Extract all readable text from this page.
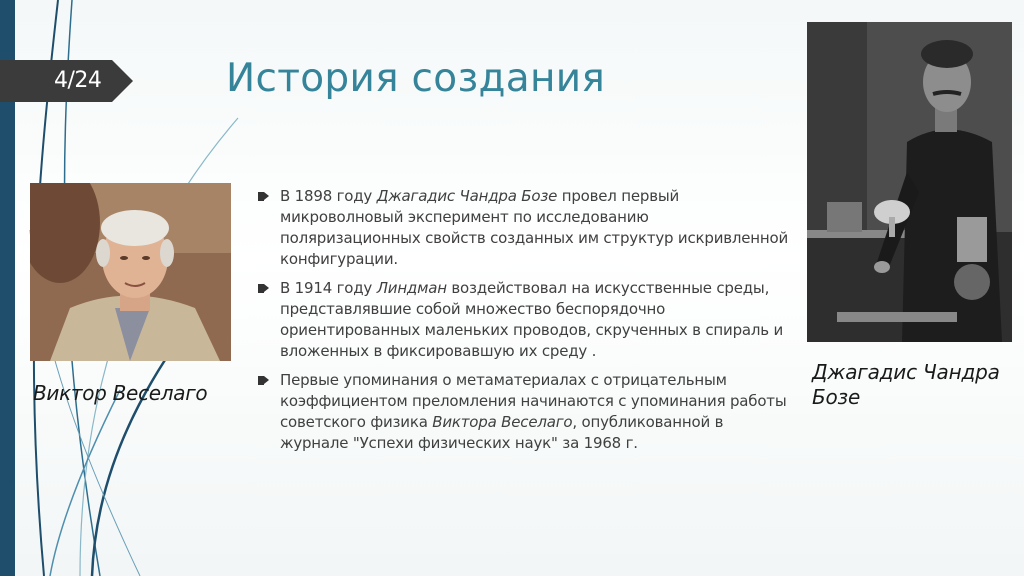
4/24	История создания
Виктор Веселаго
Джагадис Чандра Бозе
В 1898 году Джагадис Чандра Бозе провел первый микроволновый эксперимент по исследованию поляризационных свойств созданных им структур искривленной конфигурации.
В 1914 году Линдман воздействовал на искусственные среды, представлявшие собой множество беспорядочно ориентированных маленьких проводов, скрученных в спираль и вложенных в фиксировавшую их среду .
Первые упоминания о метаматериалах с отрицательным коэффициентом преломления начинаются с упоминания работы советского физика Виктора Веселаго, опубликованной в журнале "Успехи физических наук" за 1968 г.
